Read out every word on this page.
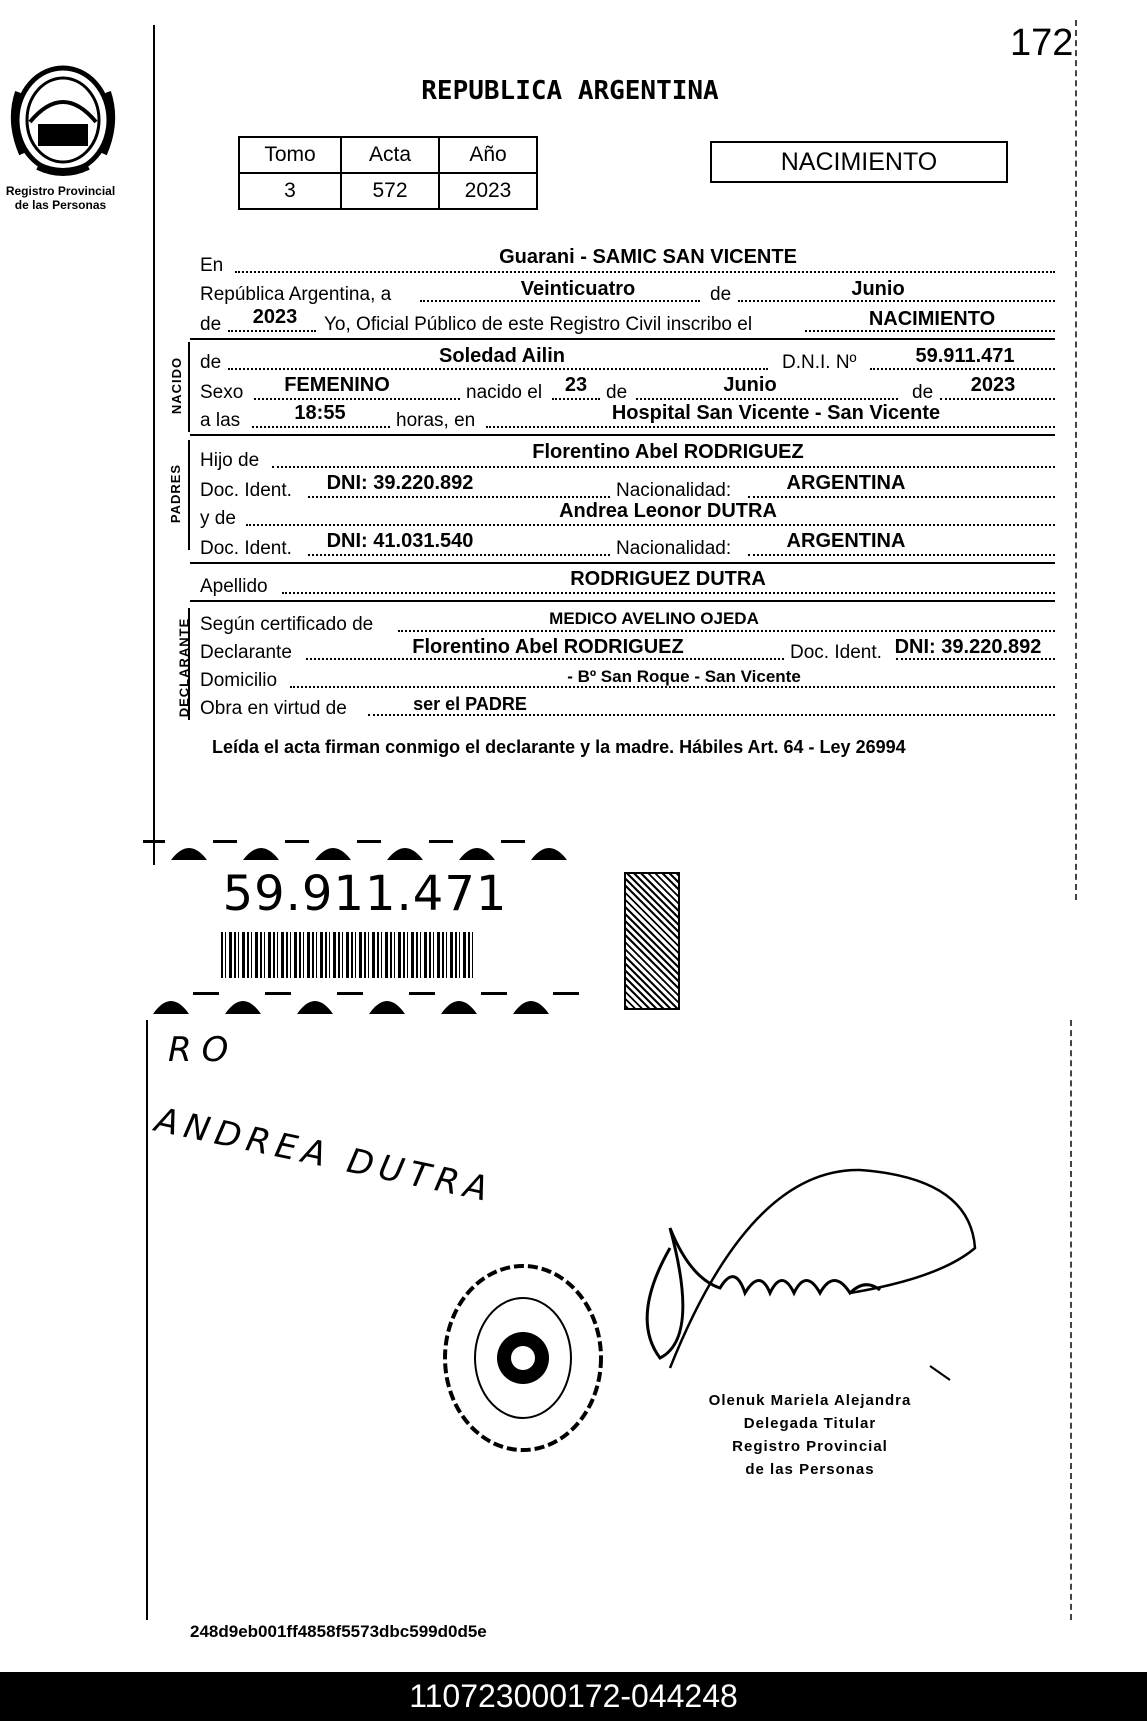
172
Registro Provincial
de las Personas
REPUBLICA ARGENTINA
Tomo	Acta	Año
3	572	2023
NACIMIENTO
En	Guarani - SAMIC SAN VICENTE
República Argentina, a	Veinticuatro	de	Junio
de 2023 Yo, Oficial Público de este Registro Civil inscribo el	NACIMIENTO
NACIDO de	Soledad Ailin	D.N.I. Nº	59.911.471
Sexo FEMENINO	nacido el 23 de	Junio	de 2023
a las	18:55	horas, en	Hospital San Vicente - San Vicente
PADRES
Hijo de	Florentino Abel RODRIGUEZ
Doc. Ident. DNI: 39.220.892	Nacionalidad:	ARGENTINA
y de	Andrea Leonor DUTRA
Doc. Ident. DNI: 41.031.540	Nacionalidad:	ARGENTINA
Apellido	RODRIGUEZ DUTRA
DECLARANTE Según certificado de	MEDICO AVELINO OJEDA
Declarante	Florentino Abel RODRIGUEZ	Doc. Ident. DNI: 39.220.892
Domicilio	- Bº San Roque - San Vicente
Obra en virtud de	ser el PADRE
Leída el acta firman conmigo el declarante y la madre. Hábiles Art. 64 - Ley 26994
59.911.471
RO
ANDREA DUTRA
Olenuk Mariela Alejandra
Delegada Titular
Registro Provincial
de las Personas
248d9eb001ff4858f5573dbc599d0d5e
110723000172-044248
